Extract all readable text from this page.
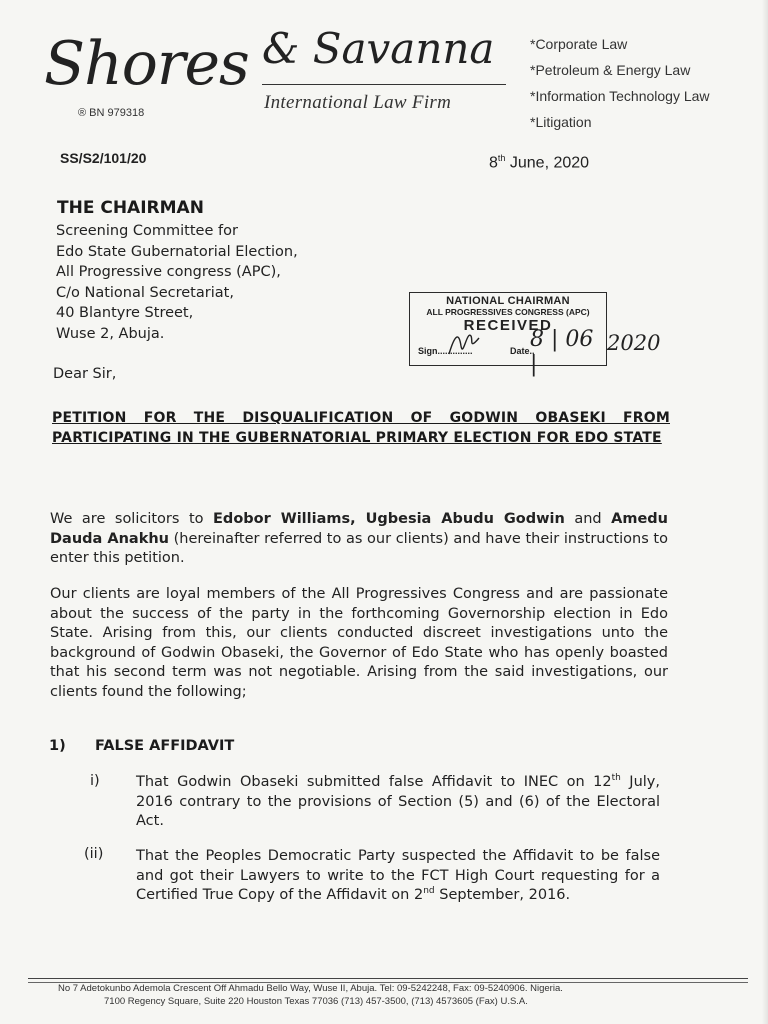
Shores
® BN 979318
& Savanna
International Law Firm
*Corporate Law
*Petroleum & Energy Law
*Information Technology Law
*Litigation
SS/S2/101/20	8th June, 2020
THE CHAIRMAN
Screening Committee for
Edo State Gubernatorial Election,
All Progressive congress (APC),
C/o National Secretariat,
40 Blantyre Street,
Wuse 2, Abuja.
NATIONAL CHAIRMAN
ALL PROGRESSIVES CONGRESS (APC)
RECEIVED
Sign..............	Date..
8 | 06 |
2020
Dear Sir,
PETITION FOR THE DISQUALIFICATION OF GODWIN OBASEKI FROM PARTICIPATING IN THE GUBERNATORIAL PRIMARY ELECTION FOR EDO STATE
We are solicitors to Edobor Williams, Ugbesia Abudu Godwin and Amedu Dauda Anakhu (hereinafter referred to as our clients) and have their instructions to enter this petition.
Our clients are loyal members of the All Progressives Congress and are passionate about the success of the party in the forthcoming Governorship election in Edo State. Arising from this, our clients conducted discreet investigations unto the background of Godwin Obaseki, the Governor of Edo State who has openly boasted that his second term was not negotiable. Arising from the said investigations, our clients found the following;
1) FALSE AFFIDAVIT
i)	That Godwin Obaseki submitted false Affidavit to INEC on 12th July, 2016 contrary to the provisions of Section (5) and (6) of the Electoral Act.
(ii) That the Peoples Democratic Party suspected the Affidavit to be false and got their Lawyers to write to the FCT High Court requesting for a Certified True Copy of the Affidavit on 2nd September, 2016.
No 7 Adetokunbo Ademola Crescent Off Ahmadu Bello Way, Wuse II, Abuja. Tel: 09-5242248, Fax: 09-5240906. Nigeria.
7100 Regency Square, Suite 220 Houston Texas 77036 (713) 457-3500, (713) 4573605 (Fax) U.S.A.
